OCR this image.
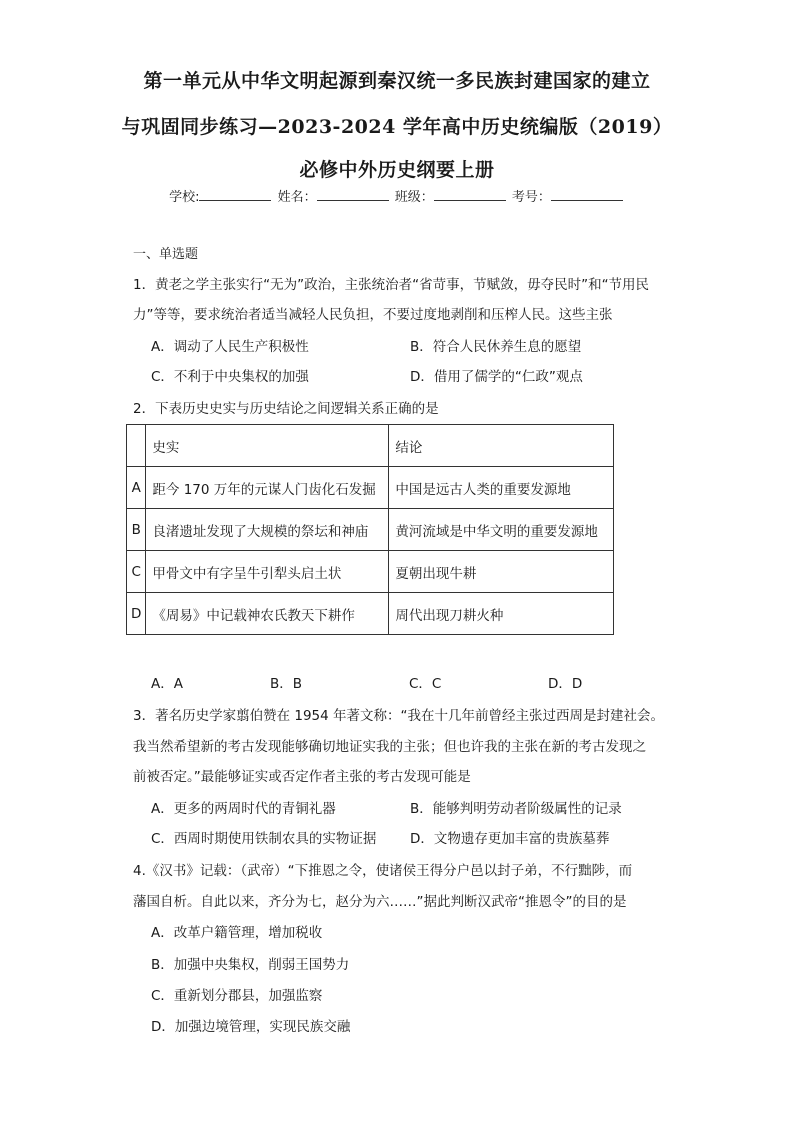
第一单元从中华文明起源到秦汉统一多民族封建国家的建立
与巩固同步练习—2023-2024 学年高中历史统编版（2019）
必修中外历史纲要上册
学校:	姓名：	班级：	考号：
一、单选题
1．黄老之学主张实行“无为”政治，主张统治者“省苛事，节赋敛，毋夺民时”和“节用民
力”等等，要求统治者适当减轻人民负担，不要过度地剥削和压榨人民。这些主张
A．调动了人民生产积极性	B．符合人民休养生息的愿望
C．不利于中央集权的加强	D．借用了儒学的“仁政”观点
2．下表历史史实与历史结论之间逻辑关系正确的是
	史实	结论
A	距今 170 万年的元谋人门齿化石发掘	中国是远古人类的重要发源地
B	良渚遗址发现了大规模的祭坛和神庙	黄河流域是中华文明的重要发源地
C	甲骨文中有字呈牛引犁头启土状	夏朝出现牛耕
D	《周易》中记载神农氏教天下耕作	周代出现刀耕火种
A．A	B．B	C．C	D．D
3．著名历史学家翦伯赞在 1954 年著文称：“我在十几年前曾经主张过西周是封建社会。
我当然希望新的考古发现能够确切地证实我的主张；但也许我的主张在新的考古发现之
前被否定。”最能够证实或否定作者主张的考古发现可能是
A．更多的两周时代的青铜礼器	B．能够判明劳动者阶级属性的记录
C．西周时期使用铁制农具的实物证据 D．文物遗存更加丰富的贵族墓葬
4.《汉书》记载：（武帝）“下推恩之令，使诸侯王得分户邑以封子弟，不行黜陟，而
藩国自析。自此以来，齐分为七，赵分为六……”据此判断汉武帝“推恩令”的目的是
A．改革户籍管理，增加税收
B．加强中央集权，削弱王国势力
C．重新划分郡县，加强监察
D．加强边境管理，实现民族交融
